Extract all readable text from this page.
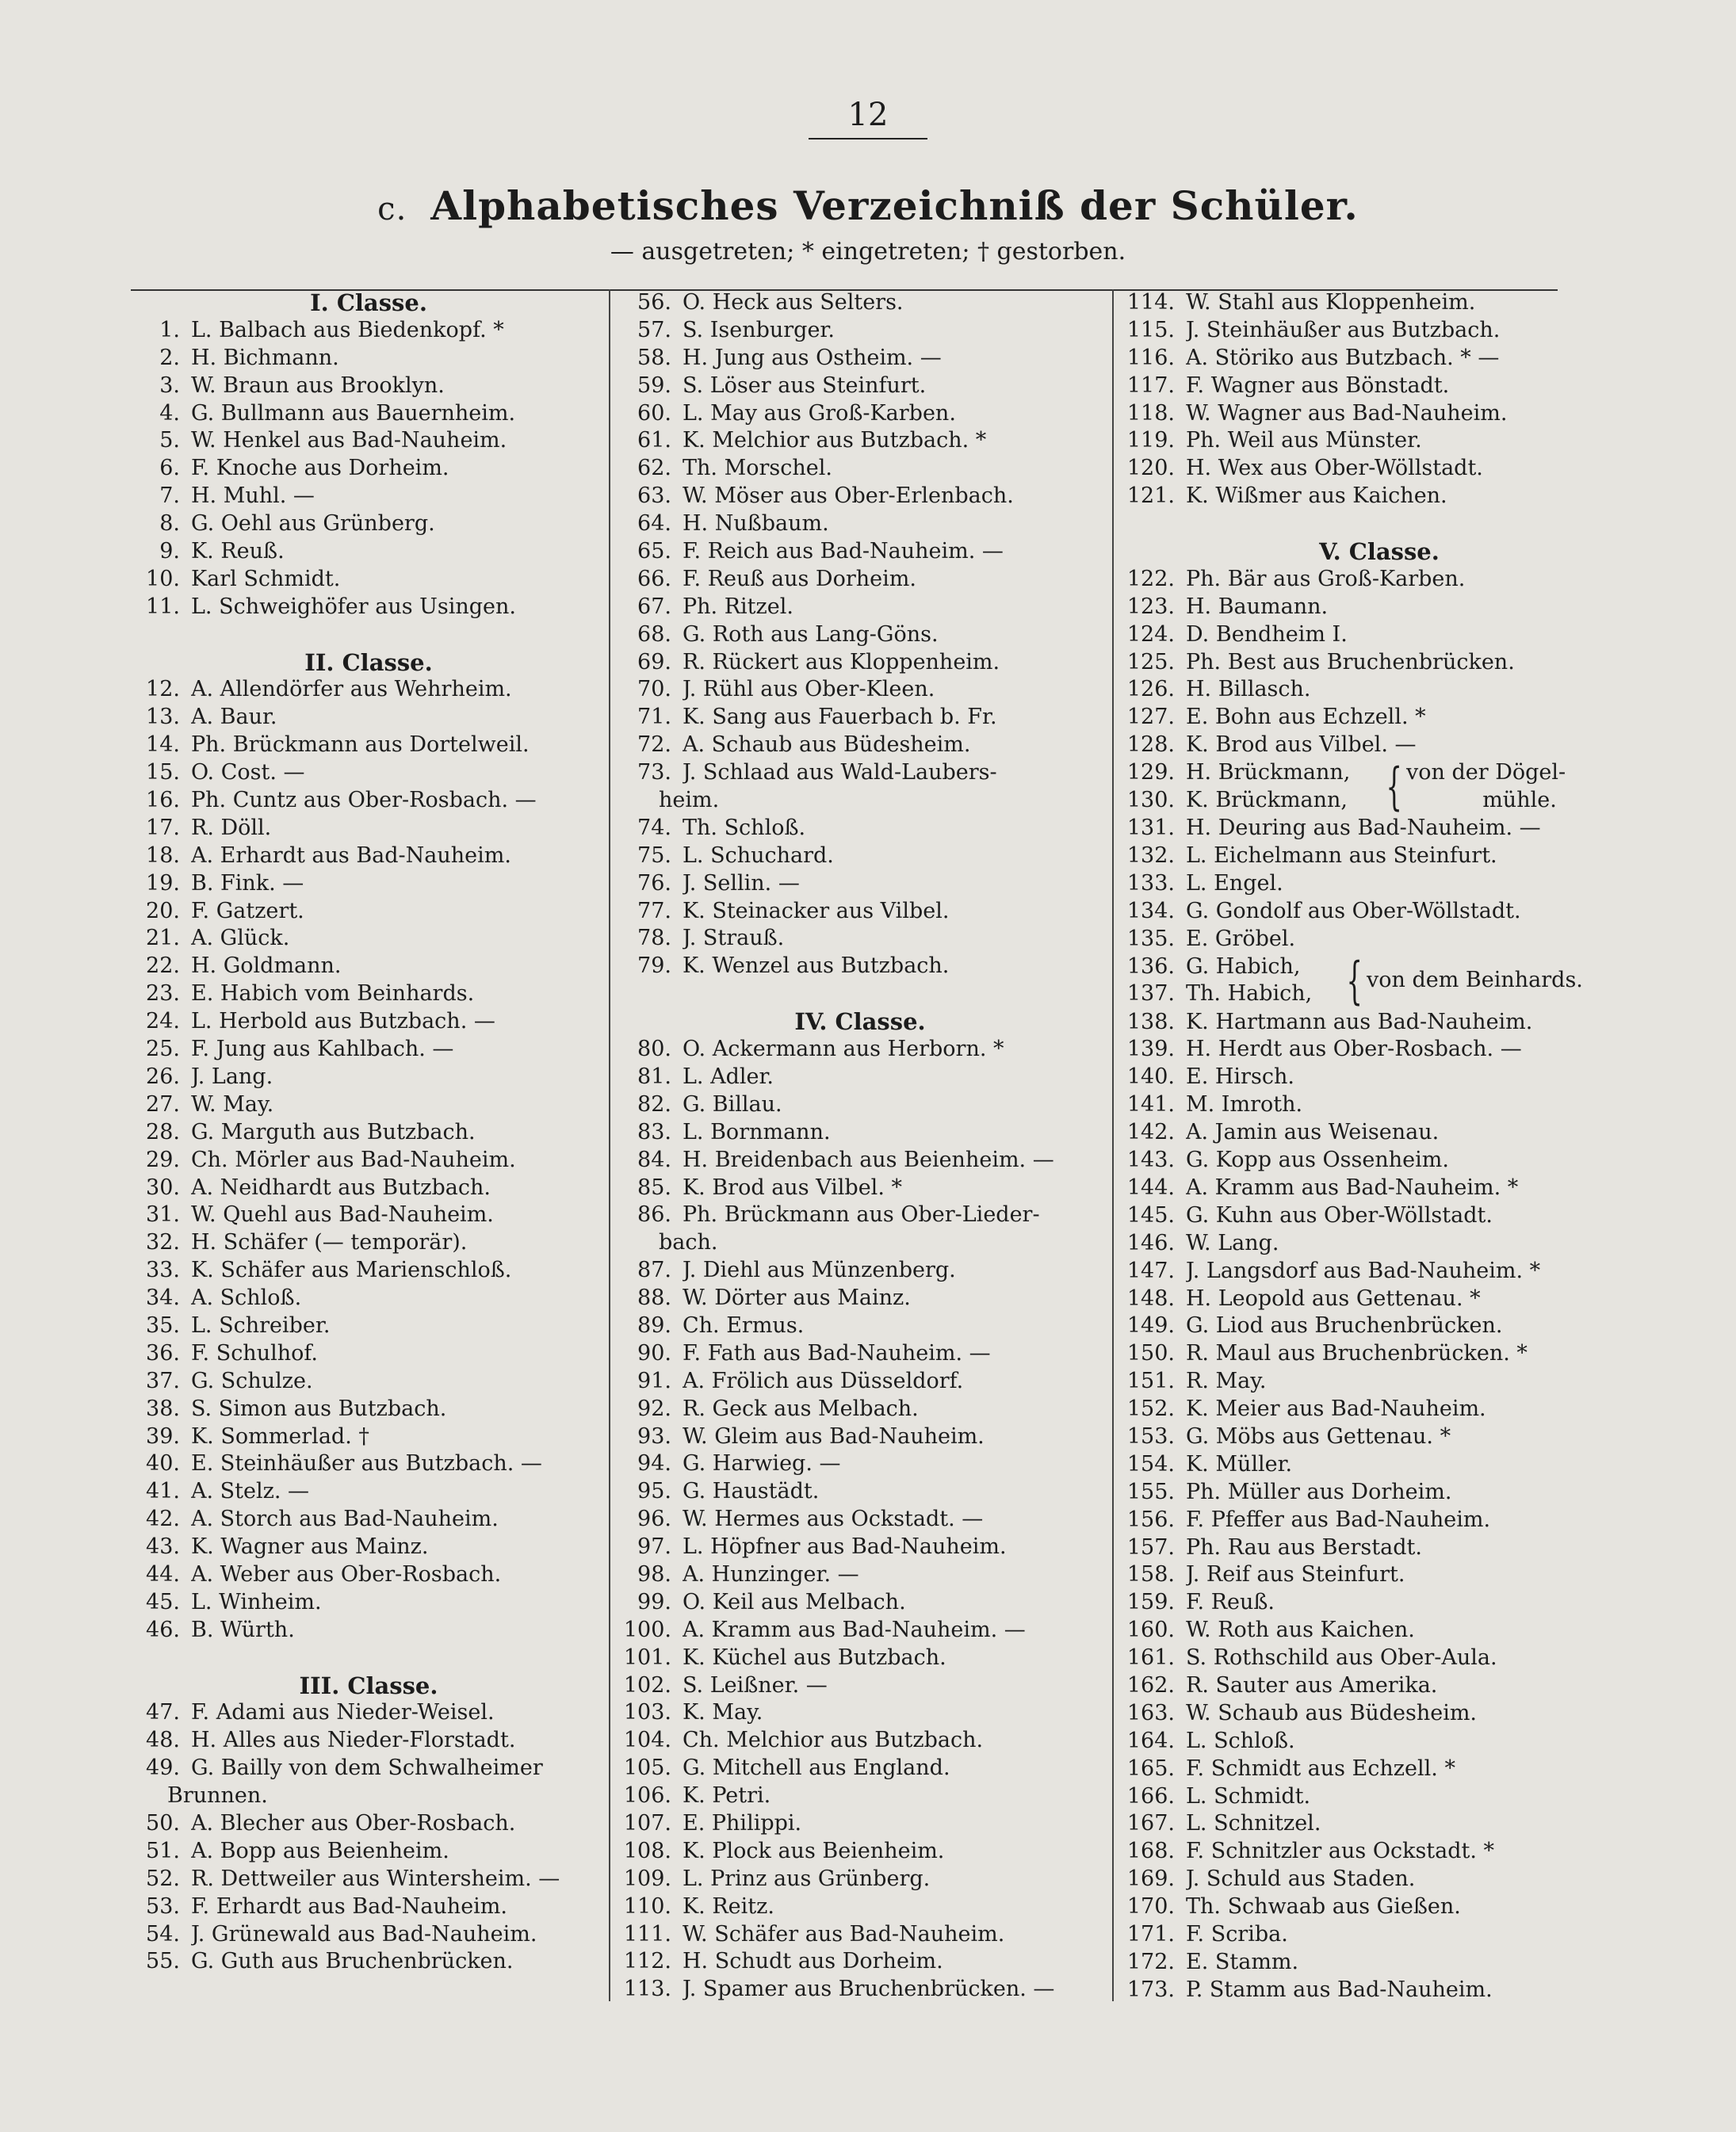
12
c. Alphabetisches Verzeichniß der Schüler.
— ausgetreten; * eingetreten; † gestorben.
I. Classe.
1. L. Balbach aus Biedenkopf. *
2. H. Bichmann.
3. W. Braun aus Brooklyn.
4. G. Bullmann aus Bauernheim.
5. W. Henkel aus Bad-Nauheim.
6. F. Knoche aus Dorheim.
7. H. Muhl. —
8. G. Oehl aus Grünberg.
9. K. Reuß.
10. Karl Schmidt.
11. L. Schweighöfer aus Usingen.
II. Classe.
12. A. Allendörfer aus Wehrheim.
13. A. Baur.
14. Ph. Brückmann aus Dortelweil.
15. O. Cost. —
16. Ph. Cuntz aus Ober-Rosbach. —
17. R. Döll.
18. A. Erhardt aus Bad-Nauheim.
19. B. Fink. —
20. F. Gatzert.
21. A. Glück.
22. H. Goldmann.
23. E. Habich vom Beinhards.
24. L. Herbold aus Butzbach. —
25. F. Jung aus Kahlbach. —
26. J. Lang.
27. W. May.
28. G. Marguth aus Butzbach.
29. Ch. Mörler aus Bad-Nauheim.
30. A. Neidhardt aus Butzbach.
31. W. Quehl aus Bad-Nauheim.
32. H. Schäfer (— temporär).
33. K. Schäfer aus Marienschloß.
34. A. Schloß.
35. L. Schreiber.
36. F. Schulhof.
37. G. Schulze.
38. S. Simon aus Butzbach.
39. K. Sommerlad. †
40. E. Steinhäußer aus Butzbach. —
41. A. Stelz. —
42. A. Storch aus Bad-Nauheim.
43. K. Wagner aus Mainz.
44. A. Weber aus Ober-Rosbach.
45. L. Winheim.
46. B. Würth.
III. Classe.
47. F. Adami aus Nieder-Weisel.
48. H. Alles aus Nieder-Florstadt.
49. G. Bailly von dem Schwalheimer
Brunnen.
50. A. Blecher aus Ober-Rosbach.
51. A. Bopp aus Beienheim.
52. R. Dettweiler aus Wintersheim. —
53. F. Erhardt aus Bad-Nauheim.
54. J. Grünewald aus Bad-Nauheim.
55. G. Guth aus Bruchenbrücken.
56. O. Heck aus Selters.
57. S. Isenburger.
58. H. Jung aus Ostheim. —
59. S. Löser aus Steinfurt.
60. L. May aus Groß-Karben.
61. K. Melchior aus Butzbach. *
62. Th. Morschel.
63. W. Möser aus Ober-Erlenbach.
64. H. Nußbaum.
65. F. Reich aus Bad-Nauheim. —
66. F. Reuß aus Dorheim.
67. Ph. Ritzel.
68. G. Roth aus Lang-Göns.
69. R. Rückert aus Kloppenheim.
70. J. Rühl aus Ober-Kleen.
71. K. Sang aus Fauerbach b. Fr.
72. A. Schaub aus Büdesheim.
73. J. Schlaad aus Wald-Laubers-
heim.
74. Th. Schloß.
75. L. Schuchard.
76. J. Sellin. —
77. K. Steinacker aus Vilbel.
78. J. Strauß.
79. K. Wenzel aus Butzbach.
IV. Classe.
80. O. Ackermann aus Herborn. *
81. L. Adler.
82. G. Billau.
83. L. Bornmann.
84. H. Breidenbach aus Beienheim. —
85. K. Brod aus Vilbel. *
86. Ph. Brückmann aus Ober-Lieder-
bach.
87. J. Diehl aus Münzenberg.
88. W. Dörter aus Mainz.
89. Ch. Ermus.
90. F. Fath aus Bad-Nauheim. —
91. A. Frölich aus Düsseldorf.
92. R. Geck aus Melbach.
93. W. Gleim aus Bad-Nauheim.
94. G. Harwieg. —
95. G. Haustädt.
96. W. Hermes aus Ockstadt. —
97. L. Höpfner aus Bad-Nauheim.
98. A. Hunzinger. —
99. O. Keil aus Melbach.
100. A. Kramm aus Bad-Nauheim. —
101. K. Küchel aus Butzbach.
102. S. Leißner. —
103. K. May.
104. Ch. Melchior aus Butzbach.
105. G. Mitchell aus England.
106. K. Petri.
107. E. Philippi.
108. K. Plock aus Beienheim.
109. L. Prinz aus Grünberg.
110. K. Reitz.
111. W. Schäfer aus Bad-Nauheim.
112. H. Schudt aus Dorheim.
113. J. Spamer aus Bruchenbrücken. —
114. W. Stahl aus Kloppenheim.
115. J. Steinhäußer aus Butzbach.
116. A. Störiko aus Butzbach. * —
117. F. Wagner aus Bönstadt.
118. W. Wagner aus Bad-Nauheim.
119. Ph. Weil aus Münster.
120. H. Wex aus Ober-Wöllstadt.
121. K. Wißmer aus Kaichen.
V. Classe.
122. Ph. Bär aus Groß-Karben.
123. H. Baumann.
124. D. Bendheim I.
125. Ph. Best aus Bruchenbrücken.
126. H. Billasch.
127. E. Bohn aus Echzell. *
128. K. Brod aus Vilbel. —
129. H. Brückmann,
130. K. Brückmann, { von der Dögel-
mühle.
131. H. Deuring aus Bad-Nauheim. —
132. L. Eichelmann aus Steinfurt.
133. L. Engel.
134. G. Gondolf aus Ober-Wöllstadt.
135. E. Gröbel.
136. G. Habich,
137. Th. Habich, { von dem Beinhards.
138. K. Hartmann aus Bad-Nauheim.
139. H. Herdt aus Ober-Rosbach. —
140. E. Hirsch.
141. M. Imroth.
142. A. Jamin aus Weisenau.
143. G. Kopp aus Ossenheim.
144. A. Kramm aus Bad-Nauheim. *
145. G. Kuhn aus Ober-Wöllstadt.
146. W. Lang.
147. J. Langsdorf aus Bad-Nauheim. *
148. H. Leopold aus Gettenau. *
149. G. Liod aus Bruchenbrücken.
150. R. Maul aus Bruchenbrücken. *
151. R. May.
152. K. Meier aus Bad-Nauheim.
153. G. Möbs aus Gettenau. *
154. K. Müller.
155. Ph. Müller aus Dorheim.
156. F. Pfeffer aus Bad-Nauheim.
157. Ph. Rau aus Berstadt.
158. J. Reif aus Steinfurt.
159. F. Reuß.
160. W. Roth aus Kaichen.
161. S. Rothschild aus Ober-Aula.
162. R. Sauter aus Amerika.
163. W. Schaub aus Büdesheim.
164. L. Schloß.
165. F. Schmidt aus Echzell. *
166. L. Schmidt.
167. L. Schnitzel.
168. F. Schnitzler aus Ockstadt. *
169. J. Schuld aus Staden.
170. Th. Schwaab aus Gießen.
171. F. Scriba.
172. E. Stamm.
173. P. Stamm aus Bad-Nauheim.
